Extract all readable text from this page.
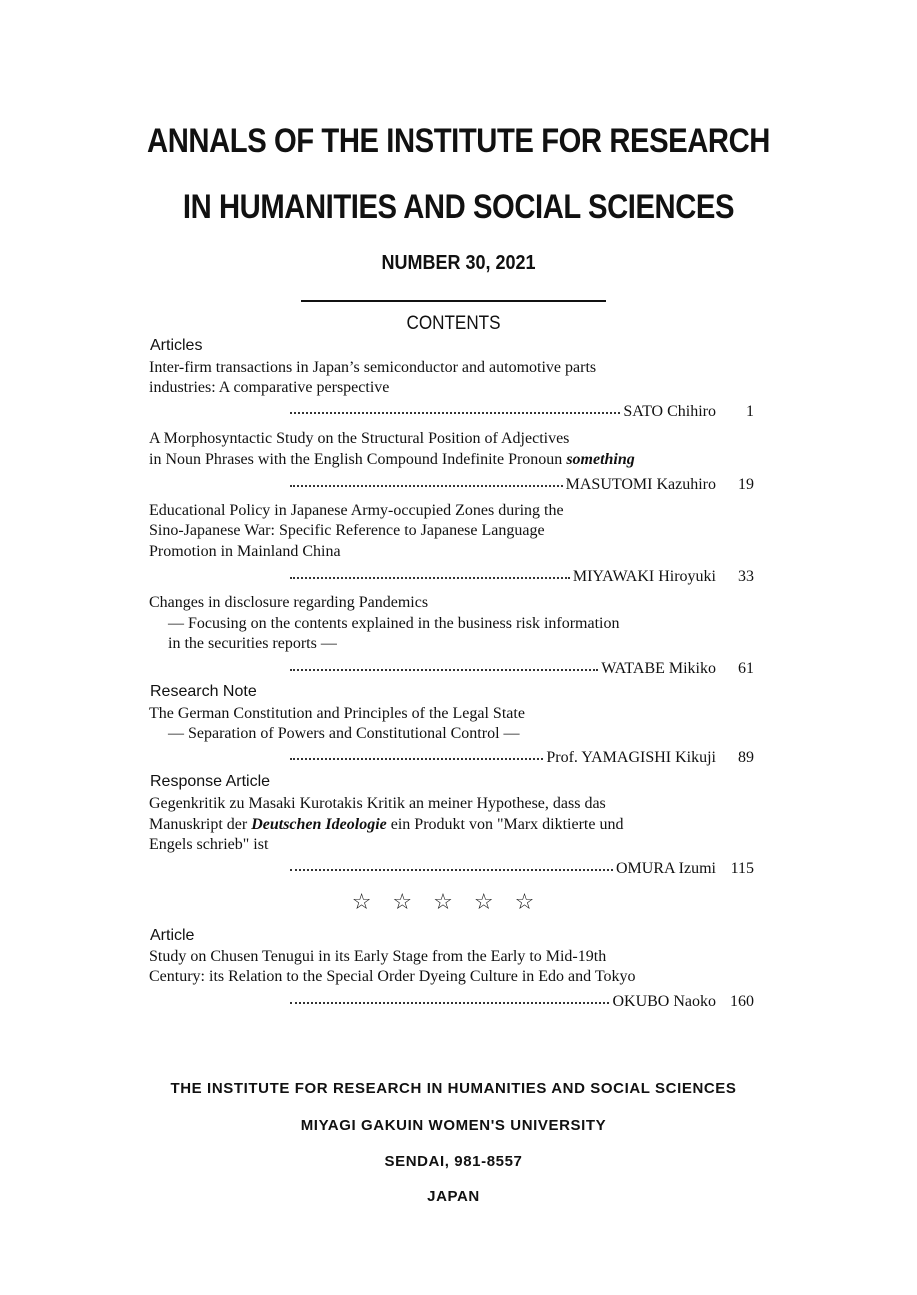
ANNALS OF THE INSTITUTE FOR RESEARCH
IN HUMANITIES AND SOCIAL SCIENCES
NUMBER 30, 2021
CONTENTS
Articles
Inter-firm transactions in Japan’s semiconductor and automotive parts
industries: A comparative perspective
SATO Chihiro	1
A Morphosyntactic Study on the Structural Position of Adjectives
in Noun Phrases with the English Compound Indefinite Pronoun something
MASUTOMI Kazuhiro	19
Educational Policy in Japanese Army-occupied Zones during the
Sino-Japanese War: Specific Reference to Japanese Language
Promotion in Mainland China
MIYAWAKI Hiroyuki	33
Changes in disclosure regarding Pandemics
— Focusing on the contents explained in the business risk information
in the securities reports —
WATABE Mikiko	61
Research Note
The German Constitution and Principles of the Legal State
— Separation of Powers and Constitutional Control —
Prof. YAMAGISHI Kikuji	89
Response Article
Gegenkritik zu Masaki Kurotakis Kritik an meiner Hypothese, dass das
Manuskript der Deutschen Ideologie ein Produkt von "Marx diktierte und
Engels schrieb" ist
OMURA Izumi 115
☆☆☆☆☆
Article
Study on Chusen Tenugui in its Early Stage from the Early to Mid-19th
Century: its Relation to the Special Order Dyeing Culture in Edo and Tokyo
OKUBO Naoko 160
THE INSTITUTE FOR RESEARCH IN HUMANITIES AND SOCIAL SCIENCES
MIYAGI GAKUIN WOMEN'S UNIVERSITY
SENDAI, 981-8557
JAPAN
